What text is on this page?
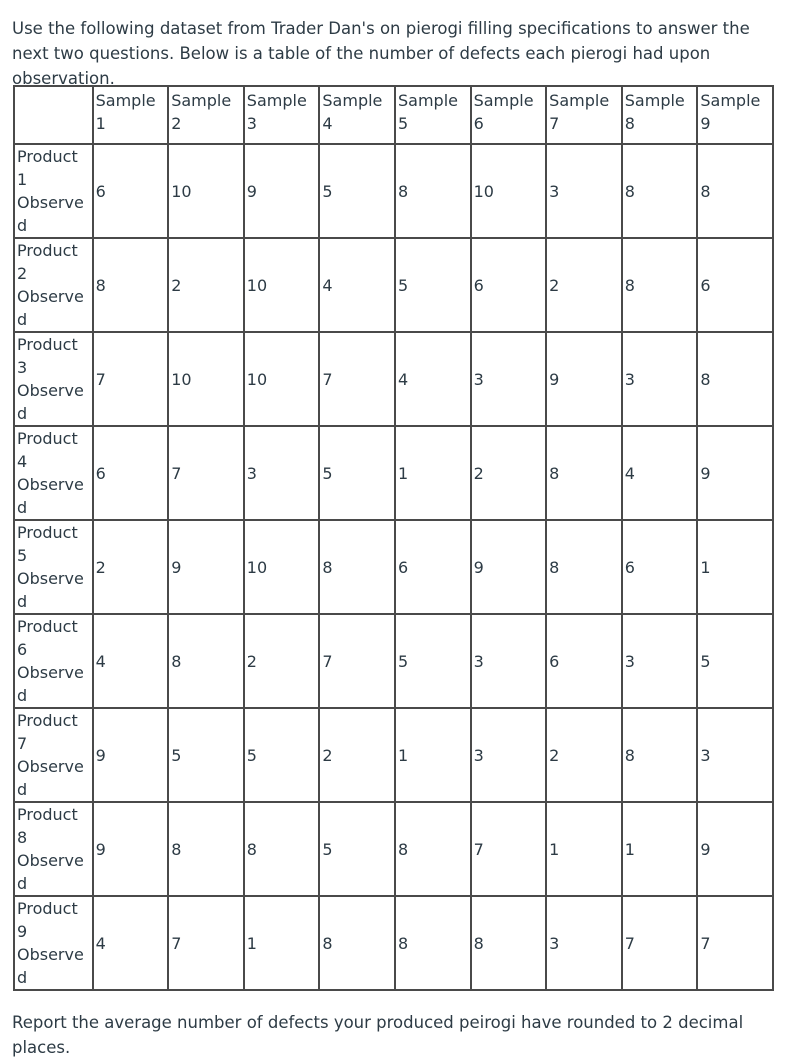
Use the following dataset from Trader Dan's on pierogi filling specifications to answer the next two questions. Below is a table of the number of defects each pierogi had upon observation.

	Sample 1	Sample 2	Sample 3	Sample 4	Sample 5	Sample 6	Sample 7	Sample 8	Sample 9
Product 1 Observed	6	10	9	5	8	10	3	8	8
Product 2 Observed	8	2	10	4	5	6	2	8	6
Product 3 Observed	7	10	10	7	4	3	9	3	8
Product 4 Observed	6	7	3	5	1	2	8	4	9
Product 5 Observed	2	9	10	8	6	9	8	6	1
Product 6 Observed	4	8	2	7	5	3	6	3	5
Product 7 Observed	9	5	5	2	1	3	2	8	3
Product 8 Observed	9	8	8	5	8	7	1	1	9
Product 9 Observed	4	7	1	8	8	8	3	7	7

Report the average number of defects your produced peirogi have rounded to 2 decimal places.
